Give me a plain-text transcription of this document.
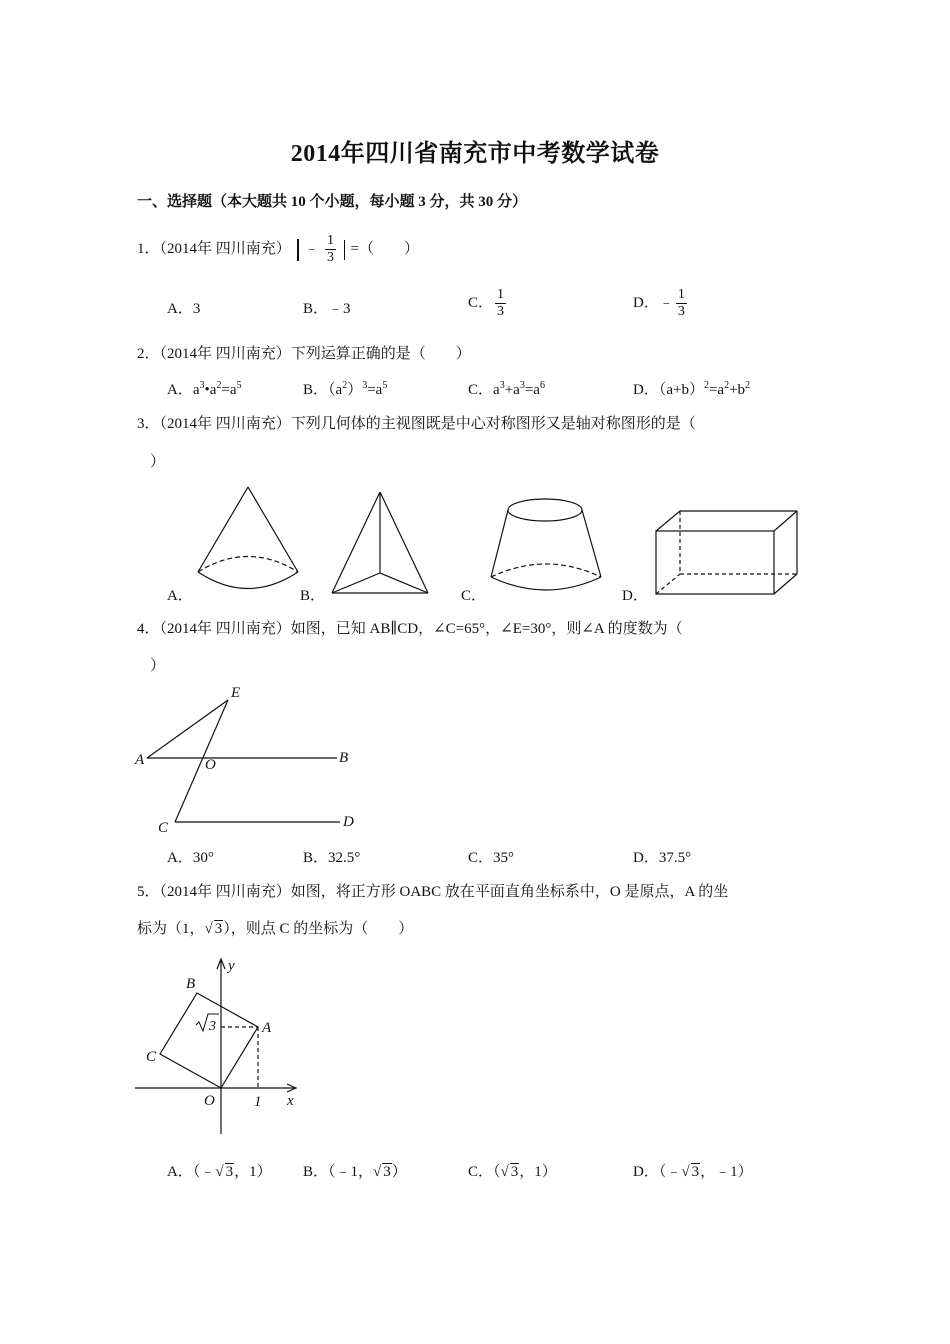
2014年四川省南充市中考数学试卷
一、选择题（本大题共 10 个小题，每小题 3 分，共 30 分）
1．（2014年 四川南充） ﹣ $\frac{1}{3}$ =（　　）
A．3	B．﹣3	C． $\frac{1}{3}$	D．﹣ $\frac{1}{3}$
2．（2014年 四川南充）下列运算正确的是（　　）
A．$a^3•a^2=a^5$	B．$(a^2)^3=a^5$	C．$a^3+a^3=a^6$	D．$(a+b)^2=a^2+b^2$
3．（2014年 四川南充）下列几何体的主视图既是中心对称图形又是轴对称图形的是（
）
A．	B．	C．	D．
4．（2014年 四川南充）如图，已知 AB∥CD，∠C=65°，∠E=30°，则∠A 的度数为（
）
E
A	O	B
C	D
A．30°	B．32.5°	C．35°	D．37.5°
5．（2014年 四川南充）如图，将正方形 OABC 放在平面直角坐标系中，O 是原点，A 的坐
标为（1，√ 3），则点 C 的坐标为（　　）
y
x
B
A
C
O	1
3
A．（﹣√ 3，1） B．（﹣1，√ 3）	C．（√ 3，1）	D．（﹣√ 3，﹣1）
